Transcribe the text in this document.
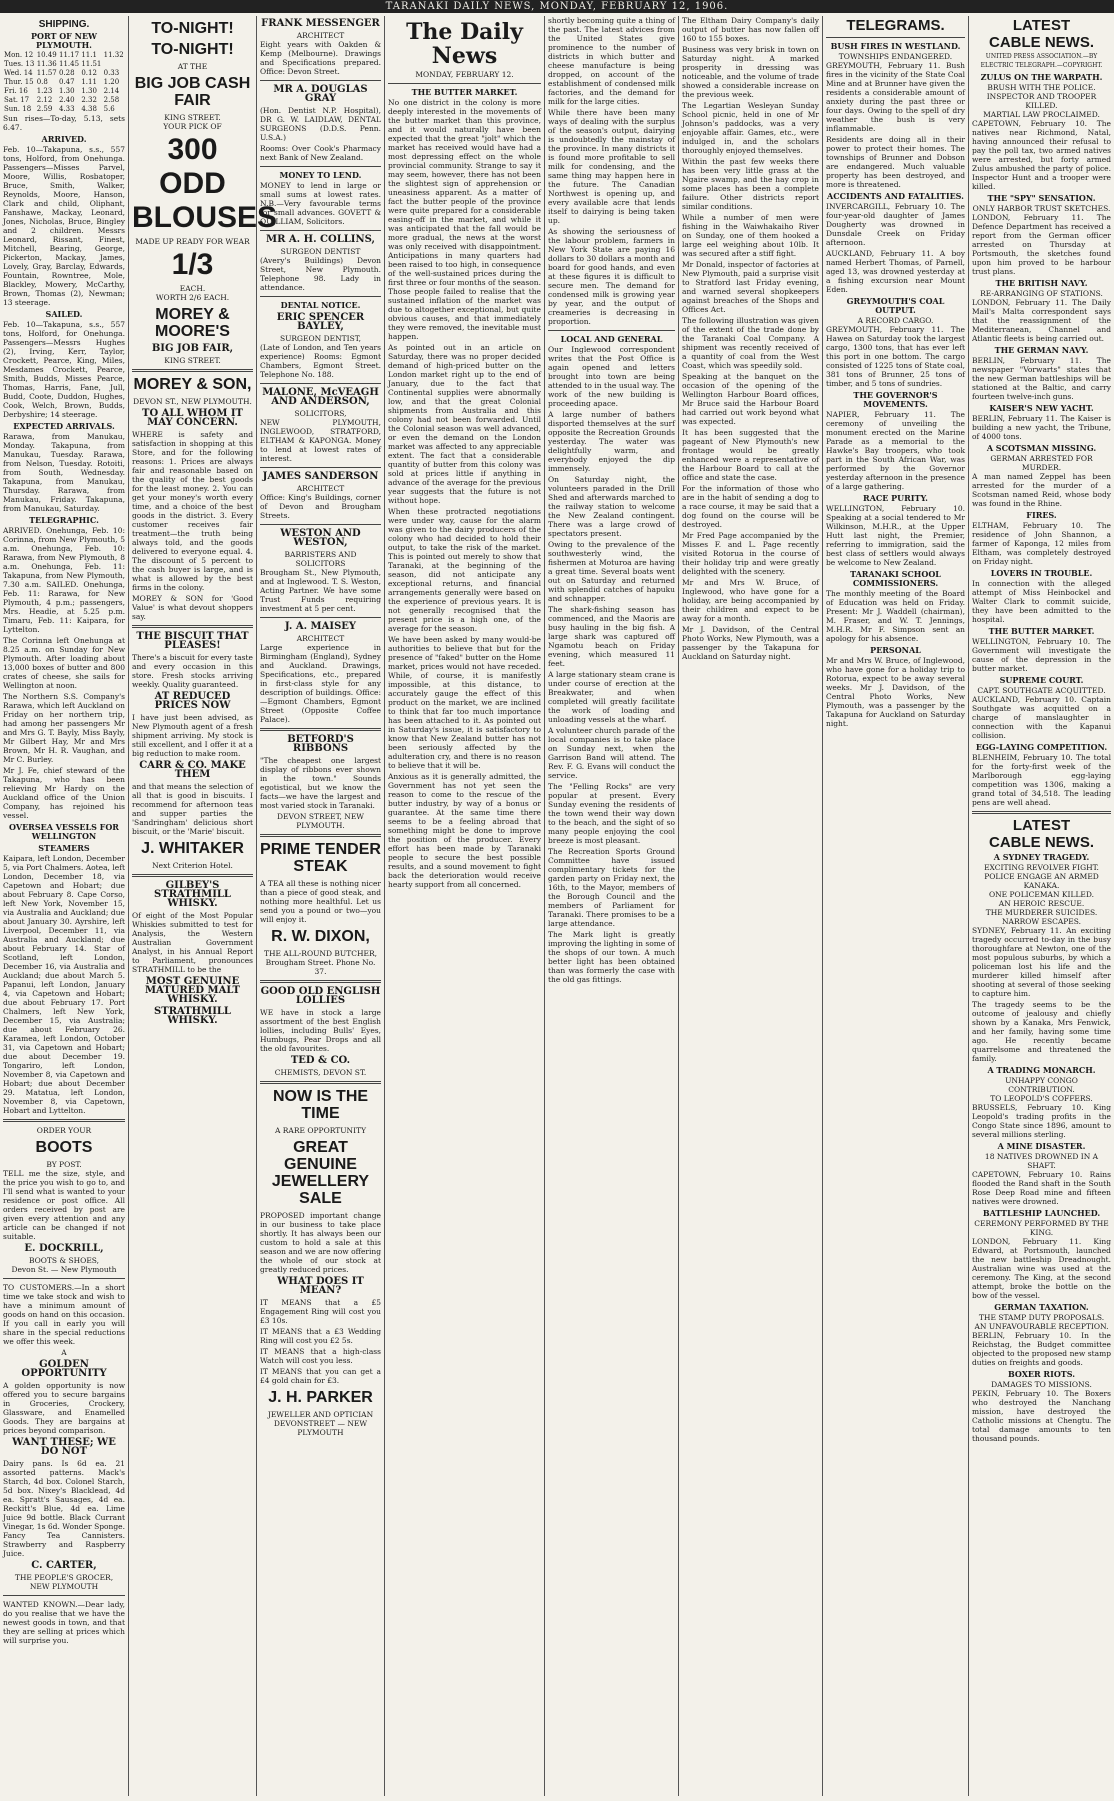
TARANAKI DAILY NEWS, MONDAY, FEBRUARY 12, 1906.
SHIPPING.
PORT OF NEW PLYMOUTH.
Mon. 12	10.49	11.17	11.1	11.32
Tues. 13	11.36	11.45	11.51	
Wed. 14	11.57	0.28	0.12	0.33
Thur. 15	0.8	0.47	1.11	1.20
Fri. 16	1.23	1.30	1.30	2.14
Sat. 17	2.12	2.40	2.32	2.58
Sun. 18	2.59	4.33	4.38	5.6

Sun rises—To-day, 5.13, sets 6.47.

ARRIVED.

Feb. 10—Takapuna, s.s., 557 tons, Holford, from Onehunga. Passengers—Misses Parvel, Moore, Willis, Rosbatoper, Bruce, Smith, Walker, Reynolds, Moore, Hanson, Clark and child, Oliphant, Fanshawe, Mackay, Leonard, Jones, Nicholas, Bruce, Bingley and 2 children. Messrs Leonard, Rissant, Finest, Mitchell, Bearing, George, Pickerton, Mackay, James, Lovely, Gray, Barclay, Edwards, Fountain, Rowntree, Mole, Blackley, Mowery, McCarthy, Brown, Thomas (2), Newman; 13 steerage.

SAILED.

Feb. 10—Takapuna, s.s., 557 tons, Holford, for Onehunga. Passengers—Messrs Hughes (2), Irving, Kerr, Taylor, Crockett, Pearce, King, Miles, Mesdames Crockett, Pearce, Smith, Budds, Misses Pearce, Thomas, Harris, Fane, Jull, Budd, Coote, Duddon, Hughes, Cook, Welch, Brown, Budds, Derbyshire; 14 steerage.

EXPECTED ARRIVALS.

Rarawa, from Manukau, Monday. Takapuna, from Manukau, Tuesday. Rarawa, from Nelson, Tuesday. Rotoiti, from South, Wednesday. Takapuna, from Manukau, Thursday. Rarawa, from Manukau, Friday. Takapuna, from Manukau, Saturday.

TELEGRAPHIC.

ARRIVED. Onehunga, Feb. 10: Corinna, from New Plymouth, 5 a.m. Onehunga, Feb. 10: Rarawa, from New Plymouth, 8 a.m. Onehunga, Feb. 11: Takapuna, from New Plymouth, 7.30 a.m. SAILED. Onehunga, Feb. 11: Rarawa, for New Plymouth, 4 p.m.; passengers, Mrs. Headie, at 5.25 p.m. Timaru, Feb. 11: Kaipara, for Lyttelton.

The Corinna left Onehunga at 8.25 a.m. on Sunday for New Plymouth. After loading about 13,000 boxes of butter and 800 crates of cheese, she sails for Wellington at noon.

The Northern S.S. Company's Rarawa, which left Auckland on Friday on her northern trip, had among her passengers Mr and Mrs G. T. Bayly, Miss Bayly, Mr Gilbert Hay, Mr and Mrs Brown, Mr H. R. Vaughan, and Mr C. Burley.

Mr J. Fe, chief steward of the Takapuna, who has been relieving Mr Hardy on the Auckland office of the Union Company, has rejoined his vessel.

OVERSEA VESSELS FOR WELLINGTON
STEAMERS

Kaipara, left London, December 5, via Port Chalmers. Aotea, left London, December 18, via Capetown and Hobart; due about February 8. Cape Corso, left New York, November 15, via Australia and Auckland; due about January 30. Ayrshire, left Liverpool, December 11, via Australia and Auckland; due about February 14. Star of Scotland, left London, December 16, via Australia and Auckland; due about March 5. Papanui, left London, January 4, via Capetown and Hobart; due about February 17. Port Chalmers, left New York, December 15, via Australia; due about February 26. Karamea, left London, October 31, via Capetown and Hobart; due about December 19. Tongariro, left London, November 8, via Capetown and Hobart; due about December 29. Matatua, left London, November 8, via Capetown, Hobart and Lyttelton.

ORDER YOUR
BOOTS
BY POST.

TELL me the size, style, and the price you wish to go to, and I'll send what is wanted to your residence or post office. All orders received by post are given every attention and any article can be changed if not suitable.

E. DOCKRILL,
BOOTS & SHOES,
Devon St. — New Plymouth

TO CUSTOMERS.—In a short time we take stock and wish to have a minimum amount of goods on hand on this occasion. If you call in early you will share in the special reductions we offer this week.

A
GOLDEN OPPORTUNITY

A golden opportunity is now offered you to secure bargains in Groceries, Crockery, Glassware, and Enamelled Goods. They are bargains at prices beyond comparison.

WANT THESE; WE DO NOT

Dairy pans. Is 6d ea. 21 assorted patterns. Mack's Starch, 4d box. Colonel Starch, 5d box. Nixey's Blacklead, 4d ea. Spratt's Sausages, 4d ea. Reckitt's Blue, 4d ea. Lime Juice 9d bottle. Black Currant Vinegar, 1s 6d. Wonder Sponge. Fancy Tea Cannisters. Strawberry and Raspberry Juice.

C. CARTER,
THE PEOPLE'S GROCER,
NEW PLYMOUTH

WANTED KNOWN.—Dear lady, do you realise that we have the newest goods in town, and that they are selling at prices which will surprise you.

TO-NIGHT!
TO-NIGHT!
AT THE
BIG JOB CASH FAIR
KING STREET.
YOUR PICK OF
300
ODD
BLOUSES
MADE UP READY FOR WEAR
1/3
EACH.
WORTH 2/6 EACH.
MOREY & MOORE'S
BIG JOB FAIR,
KING STREET.
MOREY & SON,
DEVON ST., NEW PLYMOUTH.
TO ALL WHOM IT MAY CONCERN.

WHERE is safety and satisfaction in shopping at this Store, and for the following reasons: 1. Prices are always fair and reasonable based on the quality of the best goods for the least money. 2. You can get your money's worth every time, and a choice of the best goods in the district. 3. Every customer receives fair treatment—the truth being always told, and the goods delivered to everyone equal. 4. The discount of 5 percent to the cash buyer is large, and is what is allowed by the best firms in the colony.

MOREY & SON for 'Good Value' is what devout shoppers say.

THE BISCUIT THAT PLEASES!

There's a biscuit for every taste and every occasion in this store. Fresh stocks arriving weekly. Quality guaranteed.

AT REDUCED PRICES NOW

I have just been advised, as New Plymouth agent of a fresh shipment arriving. My stock is still excellent, and I offer it at a big reduction to make room.

CARR & CO. MAKE THEM

and that means the selection of all that is good in biscuits. I recommend for afternoon teas and supper parties the 'Sandringham' delicious short biscuit, or the 'Marie' biscuit.

J. WHITAKER
Next Criterion Hotel.
GILBEY'S STRATHMILL WHISKY.

Of eight of the Most Popular Whiskies submitted to test for Analysis, the Western Australian Government Analyst, in his Annual Report to Parliament, pronounces STRATHMILL to be the

MOST GENUINE MATURED MALT WHISKY.
STRATHMILL WHISKY.
FRANK MESSENGER
ARCHITECT

Eight years with Oakden & Kemp (Melbourne). Drawings and Specifications prepared. Office: Devon Street.

MR A. DOUGLAS GRAY

(Hon. Dentist N.P. Hospital), DR G. W. LAIDLAW, DENTAL SURGEONS (D.D.S. Penn. U.S.A.)

Rooms: Over Cook's Pharmacy next Bank of New Zealand.

MONEY TO LEND.

MONEY to lend in large or small sums at lowest rates. N.B.—Very favourable terms for small advances. GOVETT & QUILLIAM, Solicitors.

MR A. H. COLLINS,
SURGEON DENTIST

(Avery's Buildings) Devon Street, New Plymouth. Telephone 98. Lady in attendance.

DENTAL NOTICE.
ERIC SPENCER BAYLEY,
SURGEON DENTIST,

(Late of London, and Ten years experience) Rooms: Egmont Chambers, Egmont Street. Telephone No. 188.

MALONE, McVEAGH AND ANDERSON,
SOLICITORS,

NEW PLYMOUTH, INGLEWOOD, STRATFORD, ELTHAM & KAPONGA. Money to lend at lowest rates of interest.

JAMES SANDERSON
ARCHITECT

Office: King's Buildings, corner of Devon and Brougham Streets.

WESTON AND WESTON,
BARRISTERS AND SOLICITORS

Brougham St., New Plymouth, and at Inglewood. T. S. Weston, Acting Partner. We have some Trust Funds requiring investment at 5 per cent.

J. A. MAISEY
ARCHITECT

Large experience in Birmingham (England), Sydney and Auckland. Drawings, Specifications, etc., prepared in first-class style for any description of buildings. Office:—Egmont Chambers, Egmont Street (Opposite Coffee Palace).

BETFORD'S RIBBONS

"The cheapest one largest display of ribbons ever shown in the town." Sounds egotistical, but we know the facts—we have the largest and most varied stock in Taranaki.

DEVON STREET, NEW PLYMOUTH.
PRIME TENDER STEAK

A TEA all these is nothing nicer than a piece of good steak, and nothing more healthful. Let us send you a pound or two—you will enjoy it.

R. W. DIXON,
THE ALL-ROUND BUTCHER,
Brougham Street. Phone No. 37.
GOOD OLD ENGLISH LOLLIES

WE have in stock a large assortment of the best English lollies, including Bulls' Eyes, Humbugs, Pear Drops and all the old favourites.

TED & CO.
CHEMISTS, DEVON ST.
NOW IS THE TIME
A RARE OPPORTUNITY
GREAT GENUINE JEWELLERY SALE

PROPOSED important change in our business to take place shortly. It has always been our custom to hold a sale at this season and we are now offering the whole of our stock at greatly reduced prices.

WHAT DOES IT MEAN?

IT MEANS that a £5 Engagement Ring will cost you £3 10s.

IT MEANS that a £3 Wedding Ring will cost you £2 5s.

IT MEANS that a high-class Watch will cost you less.

IT MEANS that you can get a £4 gold chain for £3.

J. H. PARKER
JEWELLER AND OPTICIAN
DEVONSTREET — NEW PLYMOUTH
The Daily News
MONDAY, FEBRUARY 12.
THE BUTTER MARKET.

No one district in the colony is more deeply interested in the movements of the butter market than this province, and it would naturally have been expected that the great "jolt" which the market has received would have had a most depressing effect on the whole provincial community. Strange to say it may seem, however, there has not been the slightest sign of apprehension or uneasiness apparent. As a matter of fact the butter people of the province were quite prepared for a considerable easing-off in the market, and while it was anticipated that the fall would be more gradual, the news at the worst was only received with disappointment. Anticipations in many quarters had been raised to too high, in consequence of the well-sustained prices during the first three or four months of the season. Those people failed to realise that the sustained inflation of the market was due to altogether exceptional, but quite obvious causes, and that immediately they were removed, the inevitable must happen.

As pointed out in an article on Saturday, there was no proper decided demand of high-priced butter on the London market right up to the end of January, due to the fact that Continental supplies were abnormally low, and that the great Colonial shipments from Australia and this colony had not been forwarded. Until the Colonial season was well advanced, or even the demand on the London market was affected to any appreciable extent. The fact that a considerable quantity of butter from this colony was sold at prices little if anything in advance of the average for the previous year suggests that the future is not without hope.

When these protracted negotiations were under way, cause for the alarm was given to the dairy producers of the colony who had decided to hold their output, to take the risk of the market. This is pointed out merely to show that Taranaki, at the beginning of the season, did not anticipate any exceptional returns, and financial arrangements generally were based on the experience of previous years. It is not generally recognised that the present price is a high one, of the average for the season.

We have been asked by many would-be authorities to believe that but for the presence of "faked" butter on the Home market, prices would not have receded. While, of course, it is manifestly impossible, at this distance, to accurately gauge the effect of this product on the market, we are inclined to think that far too much importance has been attached to it. As pointed out in Saturday's issue, it is satisfactory to know that New Zealand butter has not been seriously affected by the adulteration cry, and there is no reason to believe that it will be.

Anxious as it is generally admitted, the Government has not yet seen the reason to come to the rescue of the butter industry, by way of a bonus or guarantee. At the same time there seems to be a feeling abroad that something might be done to improve the position of the producer. Every effort has been made by Taranaki people to secure the best possible results, and a sound movement to fight back the deterioration would receive hearty support from all concerned.

shortly becoming quite a thing of the past. The latest advices from the United States give prominence to the number of districts in which butter and cheese manufacture is being dropped, on account of the establishment of condensed milk factories, and the demand for milk for the large cities.

While there have been many ways of dealing with the surplus of the season's output, dairying is undoubtedly the mainstay of the province. In many districts it is found more profitable to sell milk for condensing, and the same thing may happen here in the future. The Canadian Northwest is opening up, and every available acre that lends itself to dairying is being taken up.

As showing the seriousness of the labour problem, farmers in New York State are paying 16 dollars to 30 dollars a month and board for good hands, and even at these figures it is difficult to secure men. The demand for condensed milk is growing year by year, and the output of creameries is decreasing in proportion.

LOCAL AND GENERAL

Our Inglewood correspondent writes that the Post Office is again opened and letters brought into town are being attended to in the usual way. The work of the new building is proceeding apace.

A large number of bathers disported themselves at the surf opposite the Recreation Grounds yesterday. The water was delightfully warm, and everybody enjoyed the dip immensely.

On Saturday night, the volunteers paraded in the Drill Shed and afterwards marched to the railway station to welcome the New Zealand contingent. There was a large crowd of spectators present.

Owing to the prevalence of the southwesterly wind, the fishermen at Moturoa are having a great time. Several boats went out on Saturday and returned with splendid catches of hapuku and schnapper.

The shark-fishing season has commenced, and the Maoris are busy hauling in the big fish. A large shark was captured off Ngamotu beach on Friday evening, which measured 11 feet.

A large stationary steam crane is under course of erection at the Breakwater, and when completed will greatly facilitate the work of loading and unloading vessels at the wharf.

A volunteer church parade of the local companies is to take place on Sunday next, when the Garrison Band will attend. The Rev. F. G. Evans will conduct the service.

The "Felling Rocks" are very popular at present. Every Sunday evening the residents of the town wend their way down to the beach, and the sight of so many people enjoying the cool breeze is most pleasant.

The Recreation Sports Ground Committee have issued complimentary tickets for the garden party on Friday next, the 16th, to the Mayor, members of the Borough Council and the members of Parliament for Taranaki. There promises to be a large attendance.

The Mark light is greatly improving the lighting in some of the shops of our town. A much better light has been obtained than was formerly the case with the old gas fittings.

The Eltham Dairy Company's daily output of butter has now fallen off 160 to 155 boxes.

Business was very brisk in town on Saturday night. A marked prosperity in dressing was noticeable, and the volume of trade showed a considerable increase on the previous week.

The Legartian Wesleyan Sunday School picnic, held in one of Mr Johnson's paddocks, was a very enjoyable affair. Games, etc., were indulged in, and the scholars thoroughly enjoyed themselves.

Within the past few weeks there has been very little grass at the Ngaire swamp, and the hay crop in some places has been a complete failure. Other districts report similar conditions.

While a number of men were fishing in the Waiwhakaiho River on Sunday, one of them hooked a large eel weighing about 10lb. It was secured after a stiff fight.

Mr Donald, inspector of factories at New Plymouth, paid a surprise visit to Stratford last Friday evening, and warned several shopkeepers against breaches of the Shops and Offices Act.

The following illustration was given of the extent of the trade done by the Taranaki Coal Company. A shipment was recently received of a quantity of coal from the West Coast, which was speedily sold.

Speaking at the banquet on the occasion of the opening of the Wellington Harbour Board offices, Mr Bruce said the Harbour Board had carried out work beyond what was expected.

It has been suggested that the pageant of New Plymouth's new frontage would be greatly enhanced were a representative of the Harbour Board to call at the office and state the case.

For the information of those who are in the habit of sending a dog to a race course, it may be said that a dog found on the course will be destroyed.

Mr Fred Page accompanied by the Misses F. and L. Page recently visited Rotorua in the course of their holiday trip and were greatly delighted with the scenery.

Mr and Mrs W. Bruce, of Inglewood, who have gone for a holiday, are being accompanied by their children and expect to be away for a month.

Mr J. Davidson, of the Central Photo Works, New Plymouth, was a passenger by the Takapuna for Auckland on Saturday night.

TELEGRAMS.
BUSH FIRES IN WESTLAND.
TOWNSHIPS ENDANGERED.

GREYMOUTH, February 11. Bush fires in the vicinity of the State Coal Mine and at Brunner have given the residents a considerable amount of anxiety during the past three or four days. Owing to the spell of dry weather the bush is very inflammable.

Residents are doing all in their power to protect their homes. The townships of Brunner and Dobson are endangered. Much valuable property has been destroyed, and more is threatened.

ACCIDENTS AND FATALITIES.

INVERCARGILL, February 10. The four-year-old daughter of James Dougherty was drowned in Dunsdale Creek on Friday afternoon.

AUCKLAND, February 11. A boy named Herbert Thomas, of Parnell, aged 13, was drowned yesterday at a fishing excursion near Mount Eden.

GREYMOUTH'S COAL OUTPUT.
A RECORD CARGO.

GREYMOUTH, February 11. The Hawea on Saturday took the largest cargo, 1300 tons, that has ever left this port in one bottom. The cargo consisted of 1225 tons of State coal, 381 tons of Brunner, 25 tons of timber, and 5 tons of sundries.

THE GOVERNOR'S MOVEMENTS.

NAPIER, February 11. The ceremony of unveiling the monument erected on the Marine Parade as a memorial to the Hawke's Bay troopers, who took part in the South African War, was performed by the Governor yesterday afternoon in the presence of a large gathering.

RACE PURITY.

WELLINGTON, February 10. Speaking at a social tendered to Mr Wilkinson, M.H.R., at the Upper Hutt last night, the Premier, referring to immigration, said the best class of settlers would always be welcome to New Zealand.

TARANAKI SCHOOL COMMISSIONERS.

The monthly meeting of the Board of Education was held on Friday. Present: Mr J. Waddell (chairman), M. Fraser, and W. T. Jennings, M.H.R. Mr F. Simpson sent an apology for his absence.

PERSONAL

Mr and Mrs W. Bruce, of Inglewood, who have gone for a holiday trip to Rotorua, expect to be away several weeks. Mr J. Davidson, of the Central Photo Works, New Plymouth, was a passenger by the Takapuna for Auckland on Saturday night.

LATEST
CABLE NEWS.
UNITED PRESS ASSOCIATION.—BY ELECTRIC TELEGRAPH.—COPYRIGHT.
ZULUS ON THE WARPATH.
BRUSH WITH THE POLICE.
INSPECTOR AND TROOPER KILLED.
MARTIAL LAW PROCLAIMED.

CAPETOWN, February 10. The natives near Richmond, Natal, having announced their refusal to pay the poll tax, two armed natives were arrested, but forty armed Zulus ambushed the party of police. Inspector Hunt and a trooper were killed.

THE "SPY" SENSATION.
ONLY HARBOR TRUST SKETCHES.

LONDON, February 11. The Defence Department has received a report from the German officer arrested on Thursday at Portsmouth, the sketches found upon him proved to be harbour trust plans.

THE BRITISH NAVY.
RE-ARRANGING OF STATIONS.

LONDON, February 11. The Daily Mail's Malta correspondent says that the reassignment of the Mediterranean, Channel and Atlantic fleets is being carried out.

THE GERMAN NAVY.

BERLIN, February 11. The newspaper "Vorwarts" states that the new German battleships will be stationed at the Baltic, and carry fourteen twelve-inch guns.

KAISER'S NEW YACHT.

BERLIN, February 11. The Kaiser is building a new yacht, the Tribune, of 4000 tons.

A SCOTSMAN MISSING.
GERMAN ARRESTED FOR MURDER.

A man named Zeppel has been arrested for the murder of a Scotsman named Reid, whose body was found in the Rhine.

FIRES.

ELTHAM, February 10. The residence of John Shannon, a farmer of Kaponga, 12 miles from Eltham, was completely destroyed on Friday night.

LOVERS IN TROUBLE.

In connection with the alleged attempt of Miss Heinbockel and Walter Clark to commit suicide, they have been admitted to the hospital.

THE BUTTER MARKET.

WELLINGTON, February 10. The Government will investigate the cause of the depression in the butter market.

SUPREME COURT.
CAPT. SOUTHGATE ACQUITTED.

AUCKLAND, February 10. Captain Southgate was acquitted on a charge of manslaughter in connection with the Kapanui collision.

EGG-LAYING COMPETITION.

BLENHEIM, February 10. The total for the forty-first week of the Marlborough egg-laying competition was 1306, making a grand total of 34,518. The leading pens are well ahead.

LATEST
CABLE NEWS.
A SYDNEY TRAGEDY.
EXCITING REVOLVER FIGHT.
POLICE ENGAGE AN ARMED KANAKA.
ONE POLICEMAN KILLED.
AN HEROIC RESCUE.
THE MURDERER SUICIDES.
NARROW ESCAPES.

SYDNEY, February 11. An exciting tragedy occurred to-day in the busy thoroughfare at Newton, one of the most populous suburbs, by which a policeman lost his life and the murderer killed himself after shooting at several of those seeking to capture him.

The tragedy seems to be the outcome of jealousy and chiefly shown by a Kanaka, Mrs Fenwick, and her family, having some time ago. He recently became quarrelsome and threatened the family.

A TRADING MONARCH.
UNHAPPY CONGO CONTRIBUTION.
TO LEOPOLD'S COFFERS.

BRUSSELS, February 10. King Leopold's trading profits in the Congo State since 1896, amount to several millions sterling.

A MINE DISASTER.
18 NATIVES DROWNED IN A SHAFT.

CAPETOWN, February 10. Rains flooded the Rand shaft in the South Rose Deep Road mine and fifteen natives were drowned.

BATTLESHIP LAUNCHED.
CEREMONY PERFORMED BY THE KING.

LONDON, February 11. King Edward, at Portsmouth, launched the new battleship Dreadnought. Australian wine was used at the ceremony. The King, at the second attempt, broke the bottle on the bow of the vessel.

GERMAN TAXATION.
THE STAMP DUTY PROPOSALS.
AN UNFAVOURABLE RECEPTION.

BERLIN, February 10. In the Reichstag, the Budget committee objected to the proposed new stamp duties on freights and goods.

BOXER RIOTS.
DAMAGES TO MISSIONS.

PEKIN, February 10. The Boxers who destroyed the Nanchang mission, have destroyed the Catholic missions at Chengtu. The total damage amounts to ten thousand pounds.
